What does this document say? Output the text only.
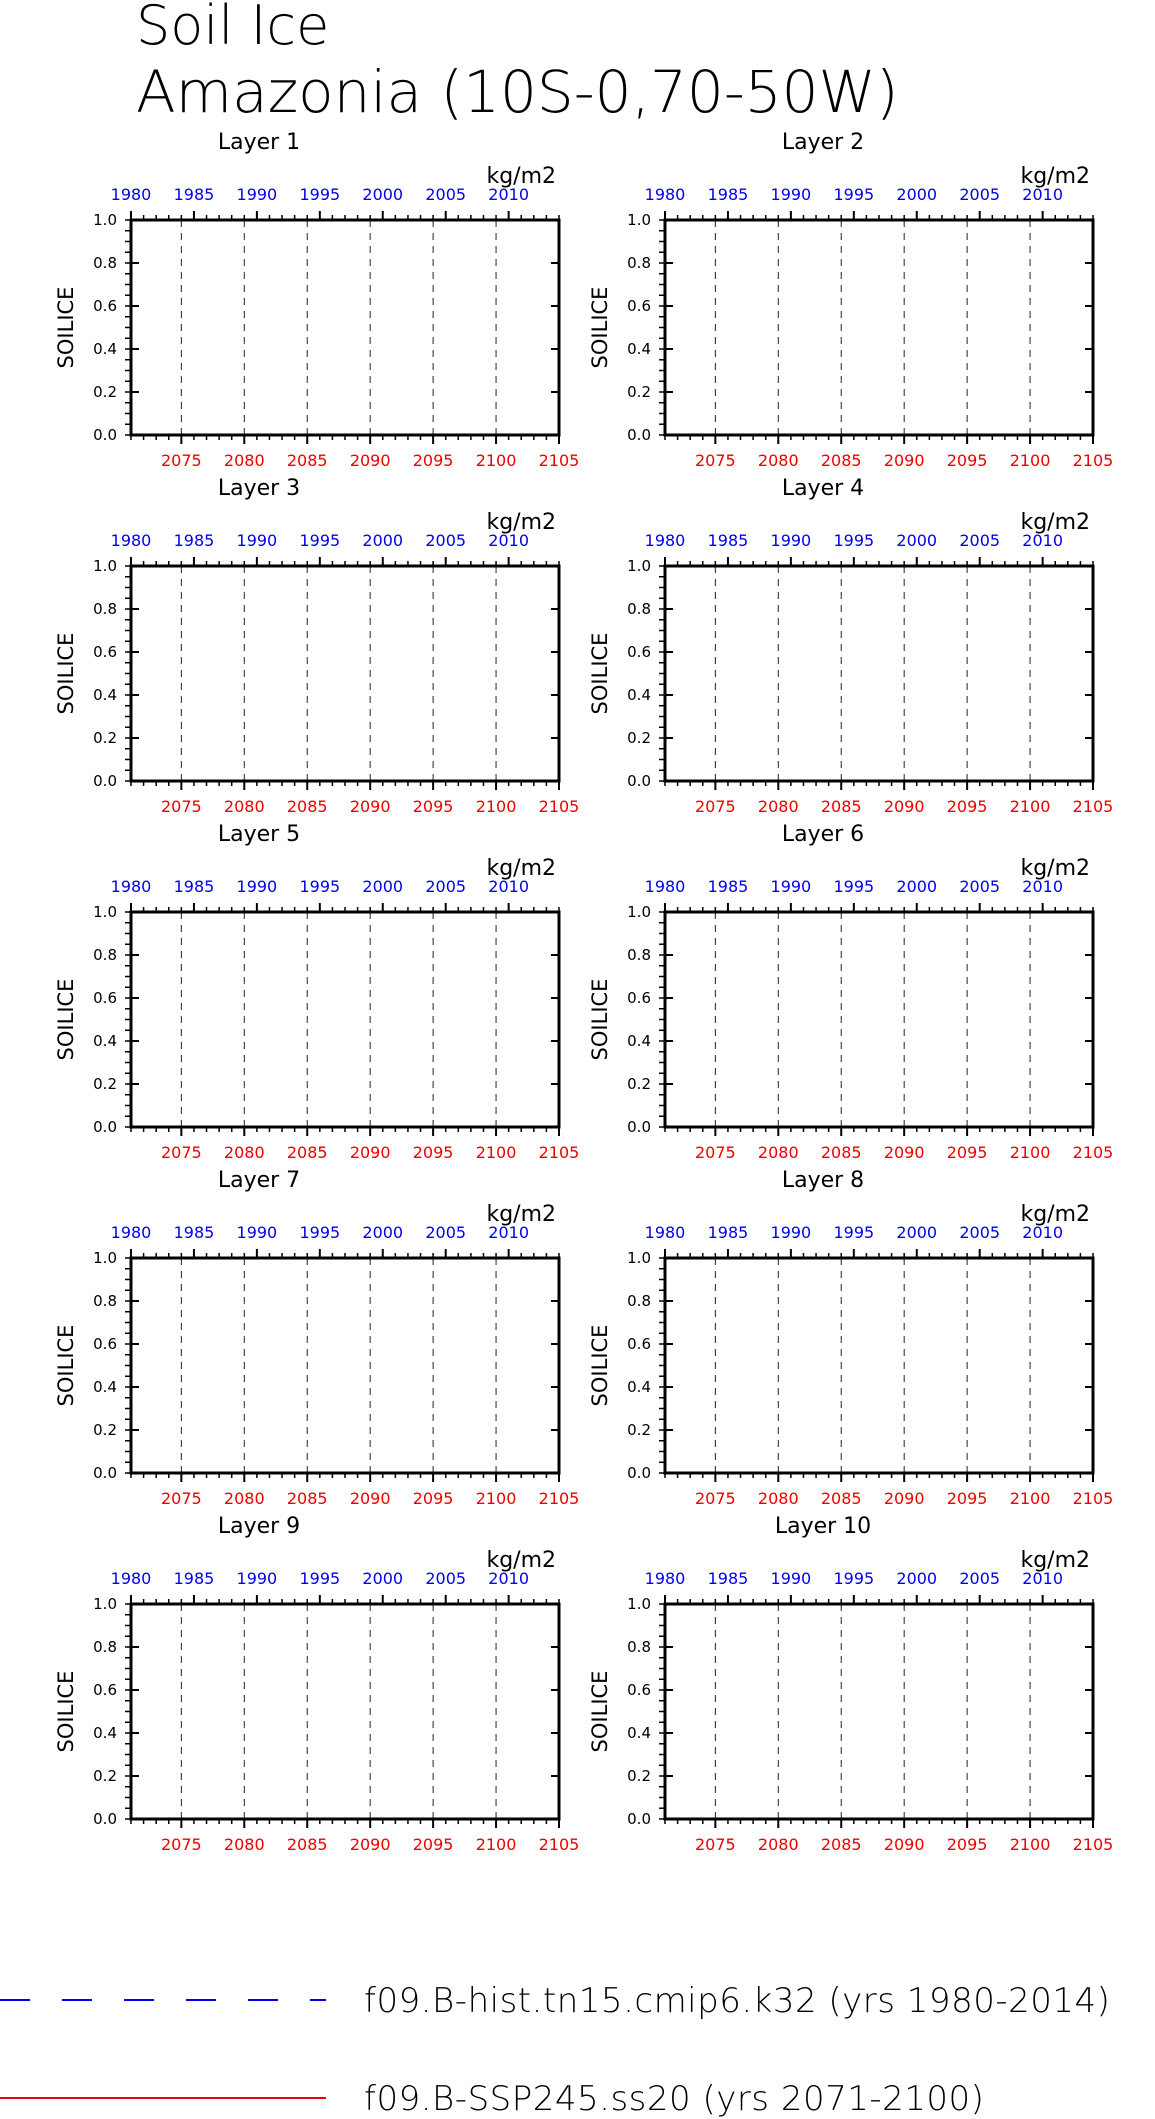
Soil Ice
Amazonia (10S-0,70-50W)
Layer 1
kg/m2
0.0
0.2
0.4
0.6
0.8
1.0
SOILICE
2075 2080 2085 2090 2095 2100 2105
1980 1985 1990 1995 2000 2005 2010
Layer 2
kg/m2
0.0
0.2
0.4
0.6
0.8
1.0
SOILICE
2075 2080 2085 2090 2095 2100 2105
1980 1985 1990 1995 2000 2005 2010
Layer 3
kg/m2
0.0
0.2
0.4
0.6
0.8
1.0
SOILICE
2075 2080 2085 2090 2095 2100 2105
1980 1985 1990 1995 2000 2005 2010
Layer 4
kg/m2
0.0
0.2
0.4
0.6
0.8
1.0
SOILICE
2075 2080 2085 2090 2095 2100 2105
1980 1985 1990 1995 2000 2005 2010
Layer 5
kg/m2
0.0
0.2
0.4
0.6
0.8
1.0
SOILICE
2075 2080 2085 2090 2095 2100 2105
1980 1985 1990 1995 2000 2005 2010
Layer 6
kg/m2
0.0
0.2
0.4
0.6
0.8
1.0
SOILICE
2075 2080 2085 2090 2095 2100 2105
1980 1985 1990 1995 2000 2005 2010
Layer 7
kg/m2
0.0
0.2
0.4
0.6
0.8
1.0
SOILICE
2075 2080 2085 2090 2095 2100 2105
1980 1985 1990 1995 2000 2005 2010
Layer 8
kg/m2
0.0
0.2
0.4
0.6
0.8
1.0
SOILICE
2075 2080 2085 2090 2095 2100 2105
1980 1985 1990 1995 2000 2005 2010
Layer 9
kg/m2
0.0
0.2
0.4
0.6
0.8
1.0
SOILICE
2075 2080 2085 2090 2095 2100 2105
1980 1985 1990 1995 2000 2005 2010
Layer 10
kg/m2
0.0
0.2
0.4
0.6
0.8
1.0
SOILICE
2075 2080 2085 2090 2095 2100 2105
1980 1985 1990 1995 2000 2005 2010
f09.B-hist.tn15.cmip6.k32 (yrs 1980-2014)
f09.B-SSP245.ss20 (yrs 2071-2100)
